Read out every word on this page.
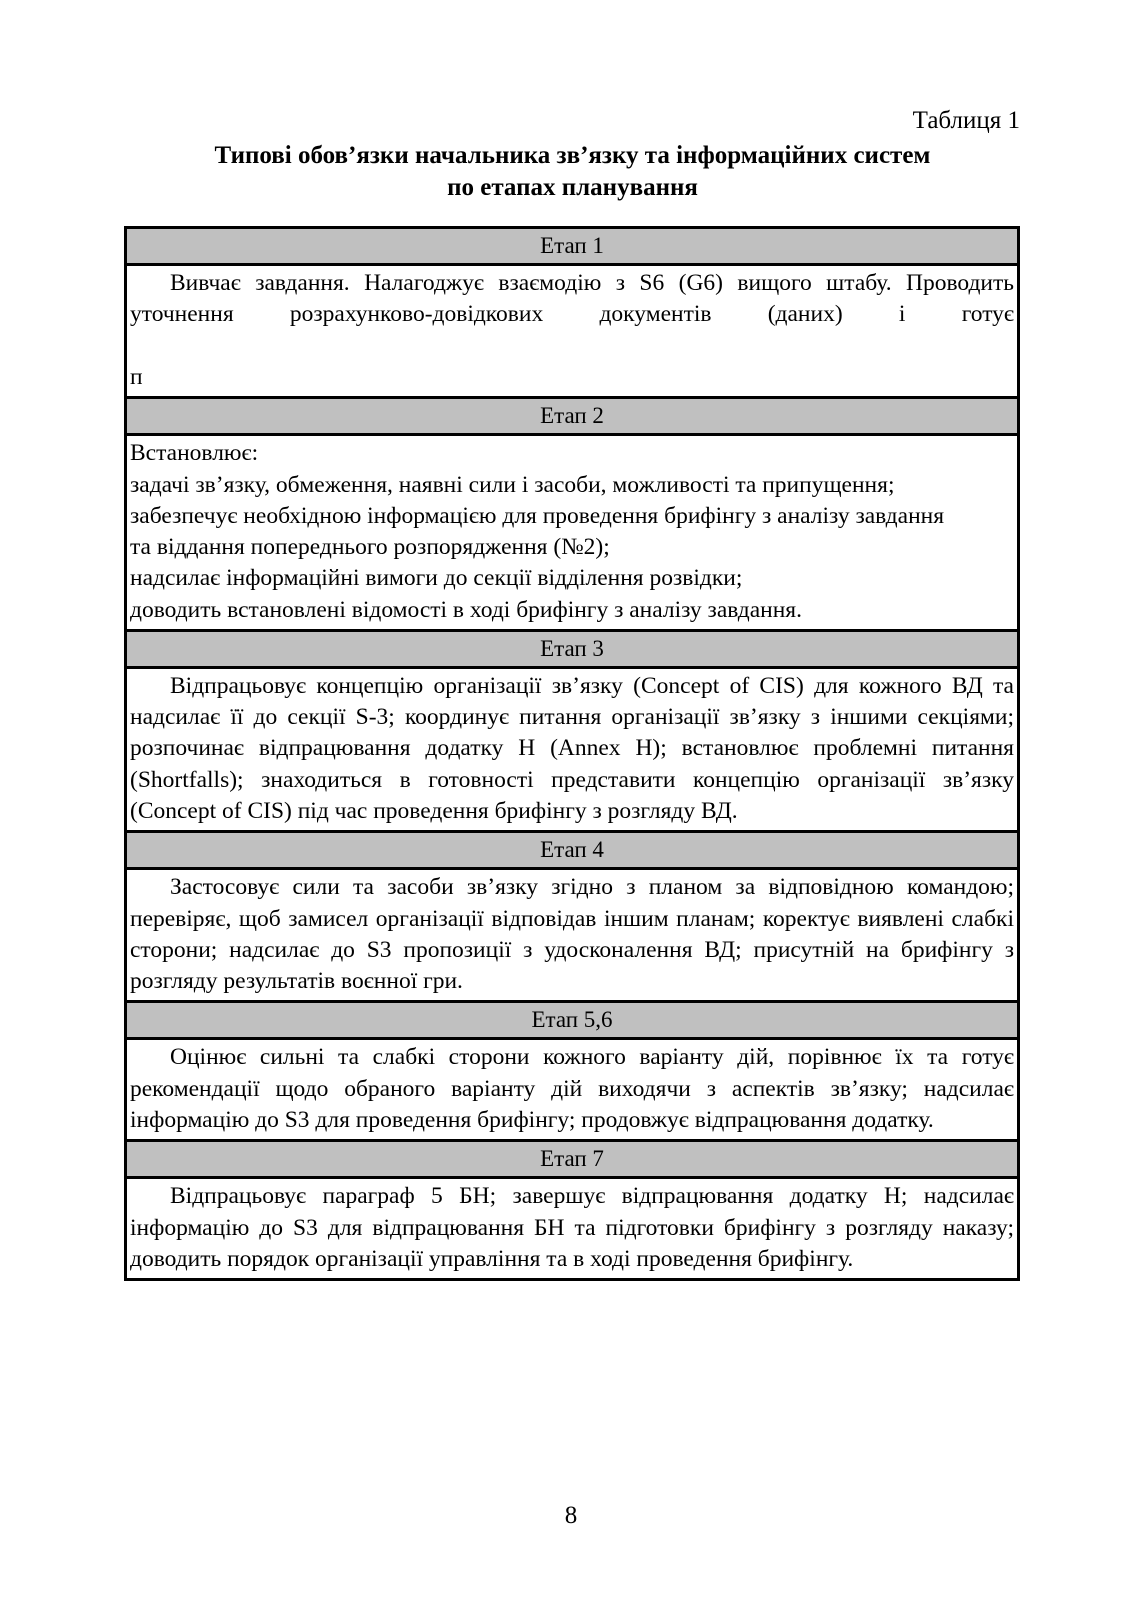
Таблиця 1
Типові обов’язки начальника зв’язку та інформаційних систем
по етапах планування
Етап 1

Вивчає завдання. Налагоджує взаємодію з S6 (G6) вищого штабу. Проводить уточнення розрахунково-довідкових документів (даних) і готує

п

Етап 2

Встановлює:

задачі зв’язку, обмеження, наявні сили і засоби, можливості та припущення;

забезпечує необхідною інформацією для проведення брифінгу з аналізу завдання

та віддання попереднього розпорядження (№2);

надсилає інформаційні вимоги до секції відділення розвідки;

доводить встановлені відомості в ході брифінгу з аналізу завдання.

Етап 3

Відпрацьовує концепцію організації зв’язку (Concept of CIS) для кожного ВД та надсилає її до секції S-3; координує питання організації зв’язку з іншими секціями; розпочинає відпрацювання додатку Н (Annex H); встановлює проблемні питання (Shortfalls); знаходиться в готовності представити концепцію організації зв’язку (Concept of CIS) під час проведення брифінгу з розгляду ВД.

Етап 4

Застосовує сили та засоби зв’язку згідно з планом за відповідною командою; перевіряє, щоб замисел організації відповідав іншим планам; коректує виявлені слабкі сторони; надсилає до S3 пропозиції з удосконалення ВД; присутній на брифінгу з розгляду результатів воєнної гри.

Етап 5,6

Оцінює сильні та слабкі сторони кожного варіанту дій, порівнює їх та готує рекомендації щодо обраного варіанту дій виходячи з аспектів зв’язку; надсилає інформацію до S3 для проведення брифінгу; продовжує відпрацювання додатку.

Етап 7

Відпрацьовує параграф 5 БН; завершує відпрацювання додатку Н; надсилає інформацію до S3 для відпрацювання БН та підготовки брифінгу з розгляду наказу; доводить порядок організації управління та в ході проведення брифінгу.

8
